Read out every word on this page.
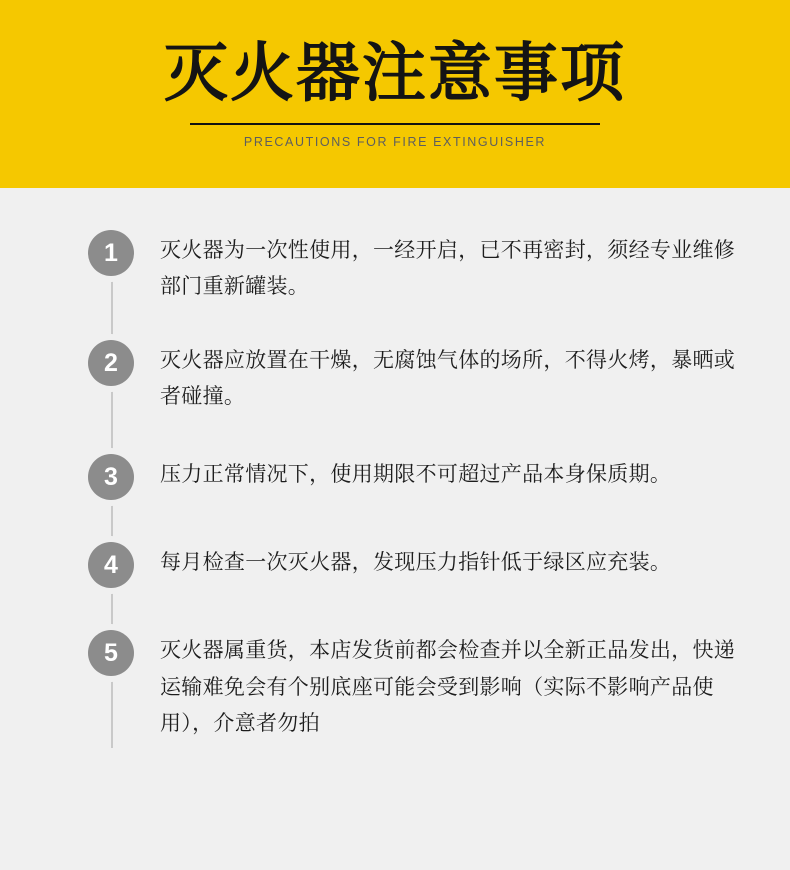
灭火器注意事项

PRECAUTIONS FOR FIRE EXTINGUISHER

1	灭火器为一次性使用，一经开启，已不再密封，须经专业维修部门重新罐装。
2	灭火器应放置在干燥，无腐蚀气体的场所，不得火烤，暴晒或者碰撞。
3	压力正常情况下，使用期限不可超过产品本身保质期。
4	每月检查一次灭火器，发现压力指针低于绿区应充装。
5	灭火器属重货，本店发货前都会检查并以全新正品发出，快递运输难免会有个别底座可能会受到影响（实际不影响产品使用），介意者勿拍
